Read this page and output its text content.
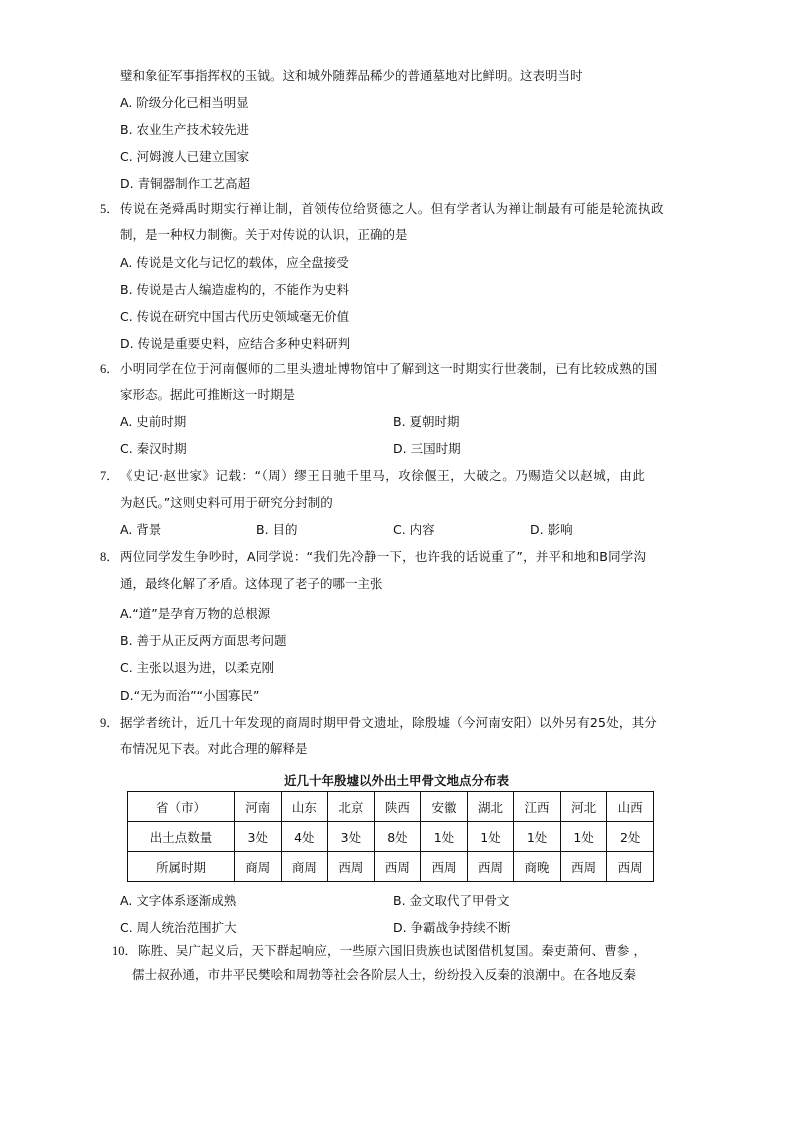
璧和象征军事指挥权的玉钺。这和城外随葬品稀少的普通墓地对比鲜明。这表明当时
A. 阶级分化已相当明显
B. 农业生产技术较先进
C. 河姆渡人已建立国家
D. 青铜器制作工艺高超
5． 传说在尧舜禹时期实行禅让制，首领传位给贤德之人。但有学者认为禅让制最有可能是轮流执政
制，是一种权力制衡。关于对传说的认识，正确的是
A. 传说是文化与记忆的载体，应全盘接受
B. 传说是古人编造虚构的，不能作为史料
C. 传说在研究中国古代历史领域毫无价值
D. 传说是重要史料，应结合多种史料研判
6． 小明同学在位于河南偃师的二里头遗址博物馆中了解到这一时期实行世袭制，已有比较成熟的国
家形态。据此可推断这一时期是
A. 史前时期	B. 夏朝时期
C. 秦汉时期	D. 三国时期
7． 《史记·赵世家》记载：“（周）缪王日驰千里马，攻徐偃王，大破之。乃赐造父以赵城，由此
为赵氏。”这则史料可用于研究分封制的
A. 背景	B. 目的	C. 内容	D. 影响
8． 两位同学发生争吵时，A同学说：“我们先冷静一下，也许我的话说重了”，并平和地和B同学沟
通，最终化解了矛盾。这体现了老子的哪一主张
A.“道”是孕育万物的总根源
B. 善于从正反两方面思考问题
C. 主张以退为进，以柔克刚
D.“无为而治”“小国寡民”
9． 据学者统计，近几十年发现的商周时期甲骨文遗址，除殷墟（今河南安阳）以外另有25处，其分
布情况见下表。对此合理的解释是
近几十年殷墟以外出土甲骨文地点分布表
省（市）	河南	山东	北京	陕西	安徽	湖北	江西	河北	山西
出土点数量	3处	4处	3处	8处	1处	1处	1处	1处	2处
所属时期	商周	商周	西周	西周	西周	西周	商晚	西周	西周
A. 文字体系逐渐成熟	B. 金文取代了甲骨文
C. 周人统治范围扩大	D. 争霸战争持续不断
10． 陈胜、吴广起义后，天下群起响应，一些原六国旧贵族也试图借机复国。秦吏萧何、曹参 ，
儒士叔孙通，市井平民樊哙和周勃等社会各阶层人士，纷纷投入反秦的浪潮中。在各地反秦
